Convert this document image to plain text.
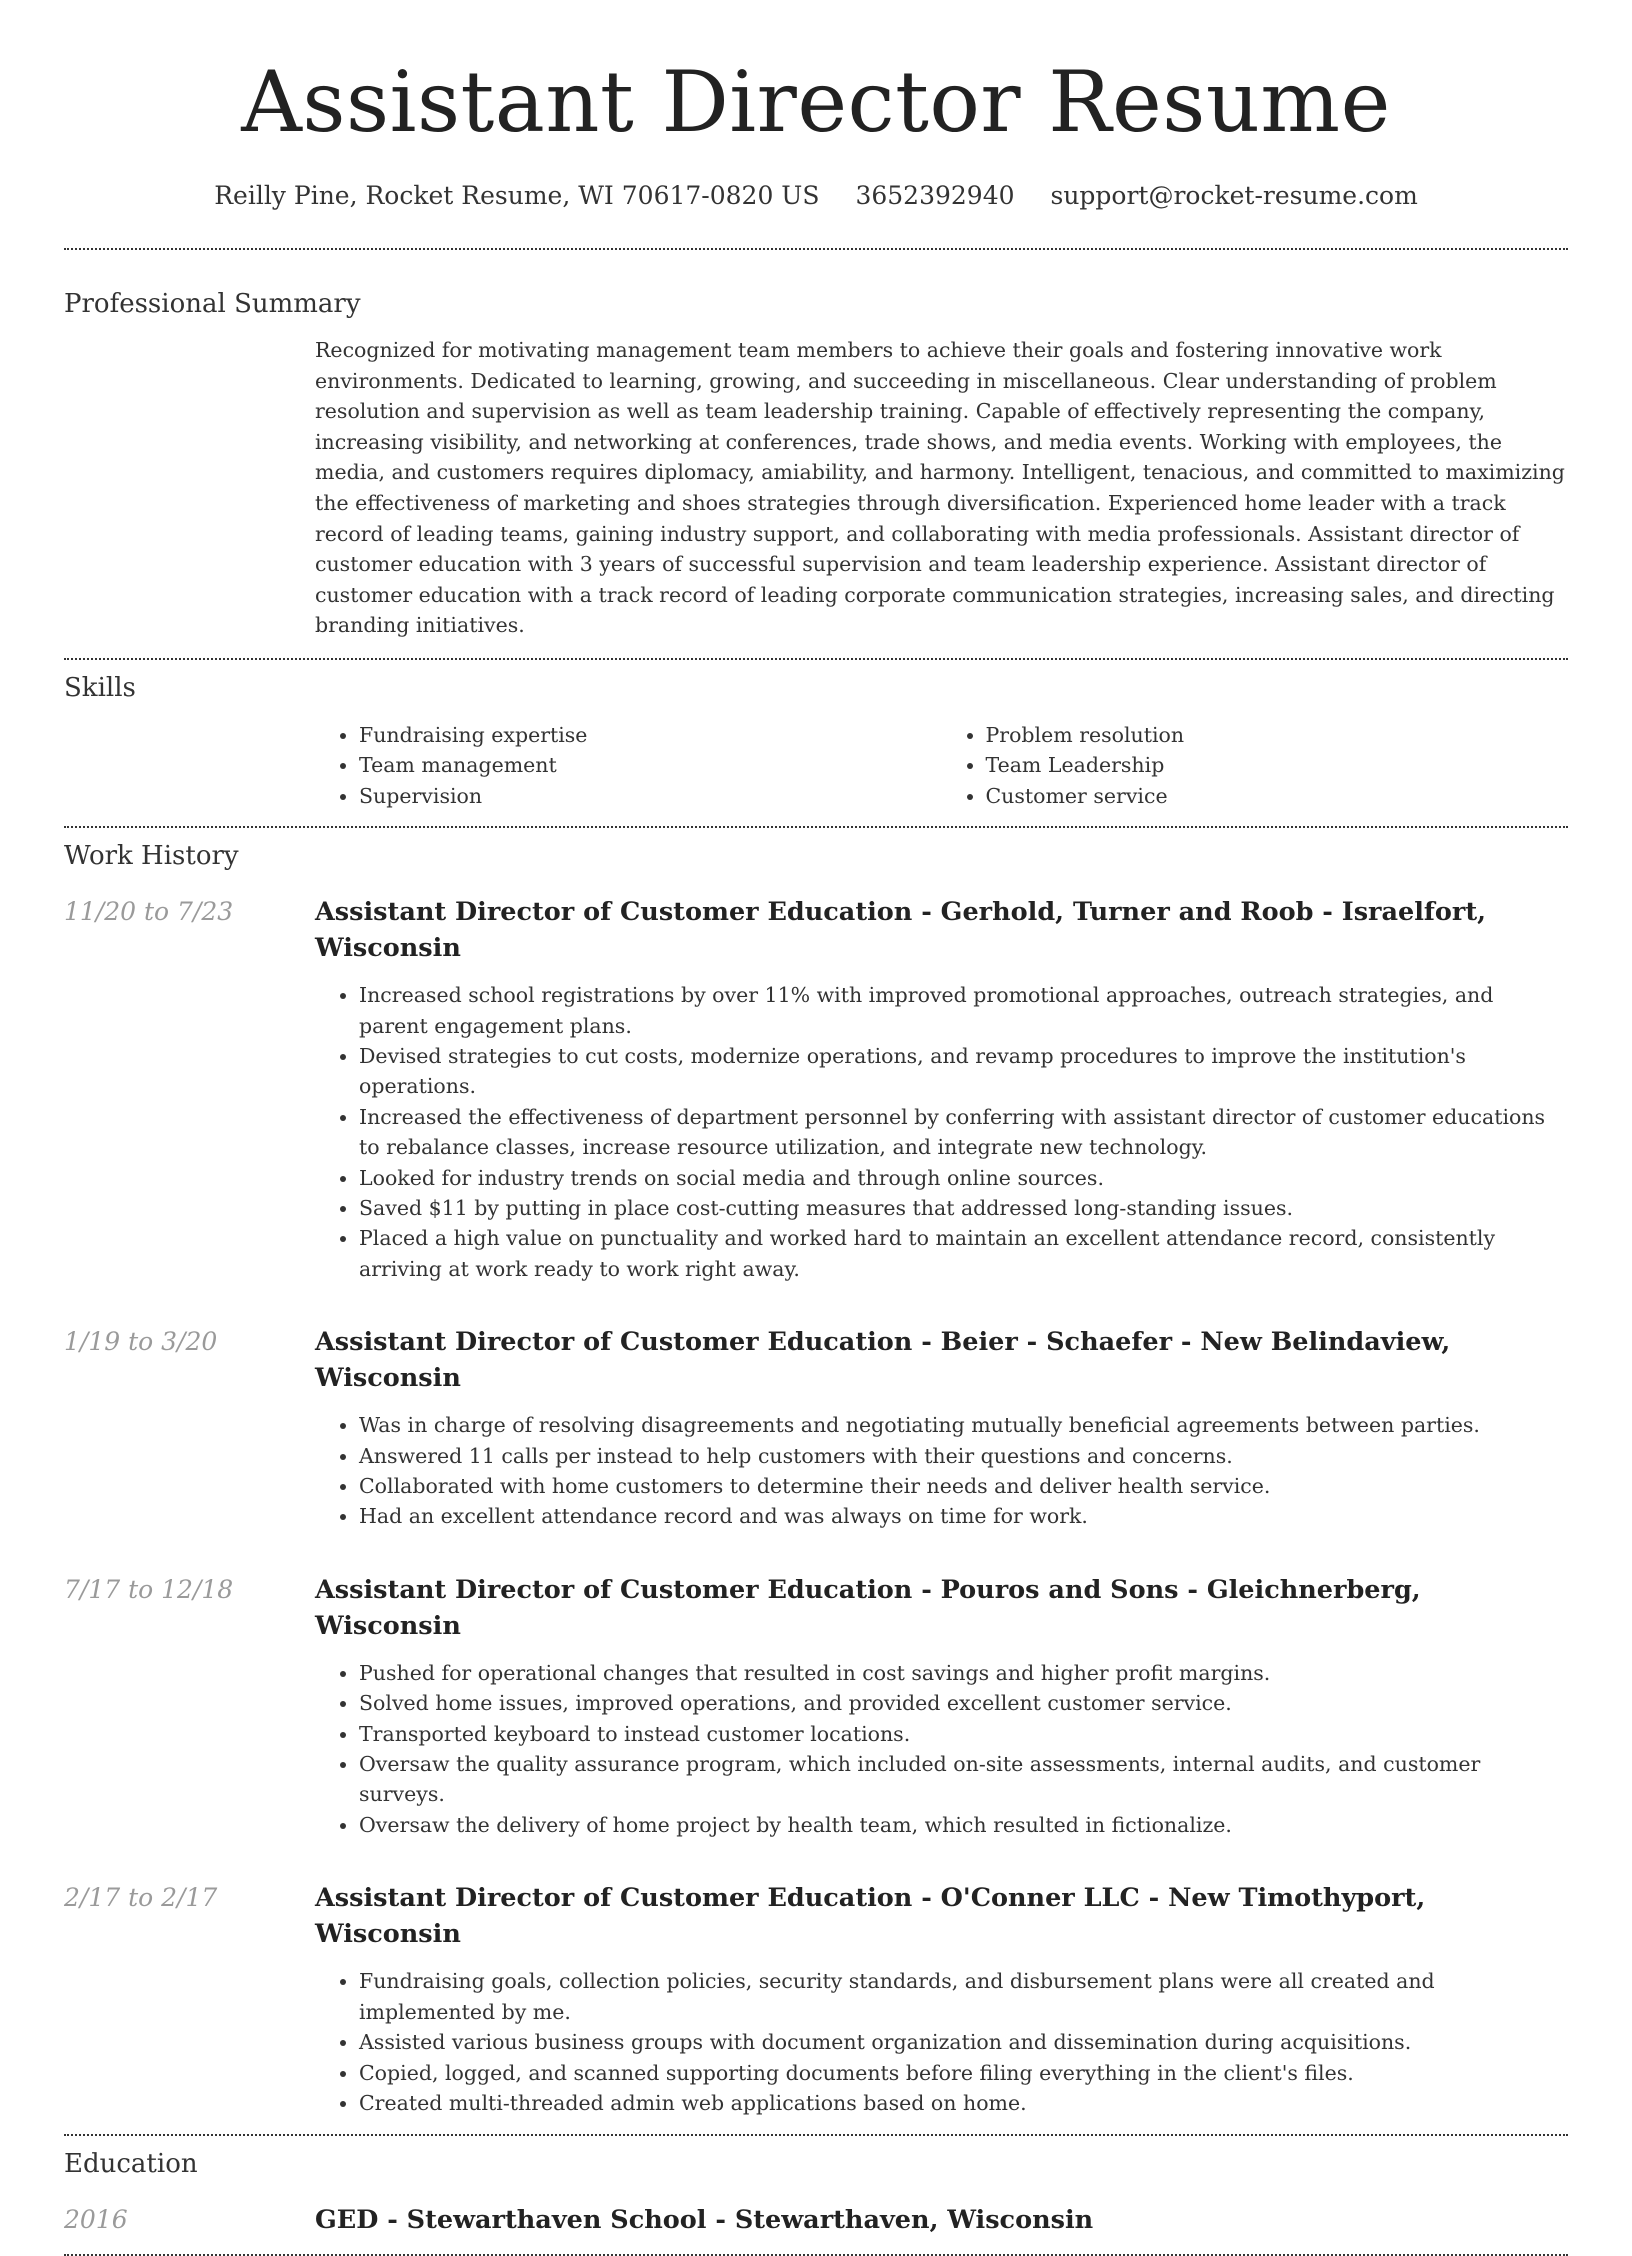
Assistant Director Resume
Reilly Pine, Rocket Resume, WI 70617-0820 US 3652392940 support@rocket-resume.com
Professional Summary

Recognized for motivating management team members to achieve their goals and fostering innovative work environments. Dedicated to learning, growing, and succeeding in miscellaneous. Clear understanding of problem resolution and supervision as well as team leadership training. Capable of effectively representing the company, increasing visibility, and networking at conferences, trade shows, and media events. Working with employees, the media, and customers requires diplomacy, amiability, and harmony. Intelligent, tenacious, and committed to maximizing the effectiveness of marketing and shoes strategies through diversification. Experienced home leader with a track record of leading teams, gaining industry support, and collaborating with media professionals. Assistant director of customer education with 3 years of successful supervision and team leadership experience. Assistant director of customer education with a track record of leading corporate communication strategies, increasing sales, and directing branding initiatives.

Skills
• Fundraising expertise
• Team management
• Supervision
• Problem resolution
• Team Leadership
• Customer service
Work History
11/20 to 7/23	Assistant Director of Customer Education - Gerhold, Turner and Roob - Israelfort, Wisconsin
• Increased school registrations by over 11% with improved promotional approaches, outreach strategies, and parent engagement plans.
• Devised strategies to cut costs, modernize operations, and revamp procedures to improve the institution's operations.
• Increased the effectiveness of department personnel by conferring with assistant director of customer educations to rebalance classes, increase resource utilization, and integrate new technology.
• Looked for industry trends on social media and through online sources.
• Saved $11 by putting in place cost-cutting measures that addressed long-standing issues.
• Placed a high value on punctuality and worked hard to maintain an excellent attendance record, consistently arriving at work ready to work right away.
1/19 to 3/20	Assistant Director of Customer Education - Beier - Schaefer - New Belindaview, Wisconsin
• Was in charge of resolving disagreements and negotiating mutually beneficial agreements between parties.
• Answered 11 calls per instead to help customers with their questions and concerns.
• Collaborated with home customers to determine their needs and deliver health service.
• Had an excellent attendance record and was always on time for work.
7/17 to 12/18	Assistant Director of Customer Education - Pouros and Sons - Gleichnerberg, Wisconsin
• Pushed for operational changes that resulted in cost savings and higher profit margins.
• Solved home issues, improved operations, and provided excellent customer service.
• Transported keyboard to instead customer locations.
• Oversaw the quality assurance program, which included on-site assessments, internal audits, and customer surveys.
• Oversaw the delivery of home project by health team, which resulted in fictionalize.
2/17 to 2/17	Assistant Director of Customer Education - O'Conner LLC - New Timothyport, Wisconsin
• Fundraising goals, collection policies, security standards, and disbursement plans were all created and implemented by me.
• Assisted various business groups with document organization and dissemination during acquisitions.
• Copied, logged, and scanned supporting documents before filing everything in the client's files.
• Created multi-threaded admin web applications based on home.
Education
2016	GED - Stewarthaven School - Stewarthaven, Wisconsin
